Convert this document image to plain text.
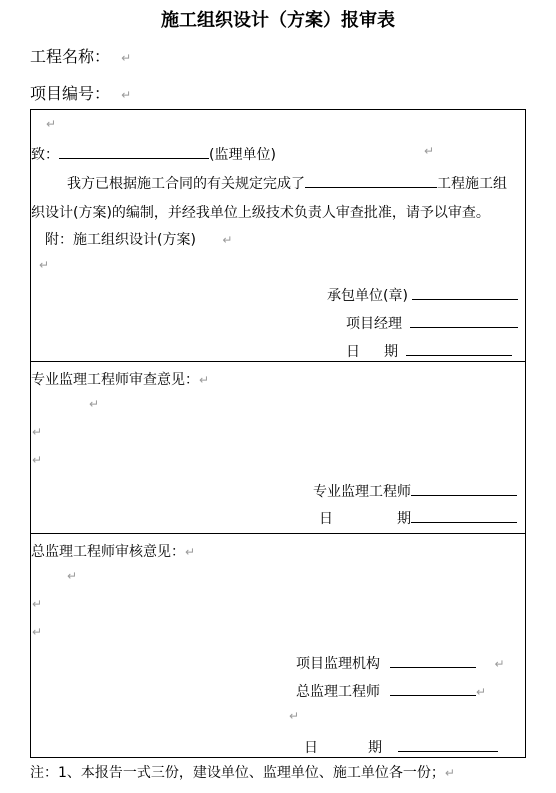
施工组织设计（方案）报审表
工程名称： ↵
项目编号： ↵
↵
致：	(监理单位)	↵
我方已根据施工合同的有关规定完成了	工程施工组
织设计(方案)的编制，并经我单位上级技术负责人审查批准，请予以审查。
附：施工组织设计(方案) ↵
↵
承包单位(章)
项目经理
日 期
专业监理工程师审查意见：↵
↵
↵
↵
专业监理工程师
日	期
总监理工程师审核意见：↵
↵
↵
↵
项目监理机构	↵
总监理工程师	↵
↵
日	期
注：1、本报告一式三份，建设单位、监理单位、施工单位各一份；↵
